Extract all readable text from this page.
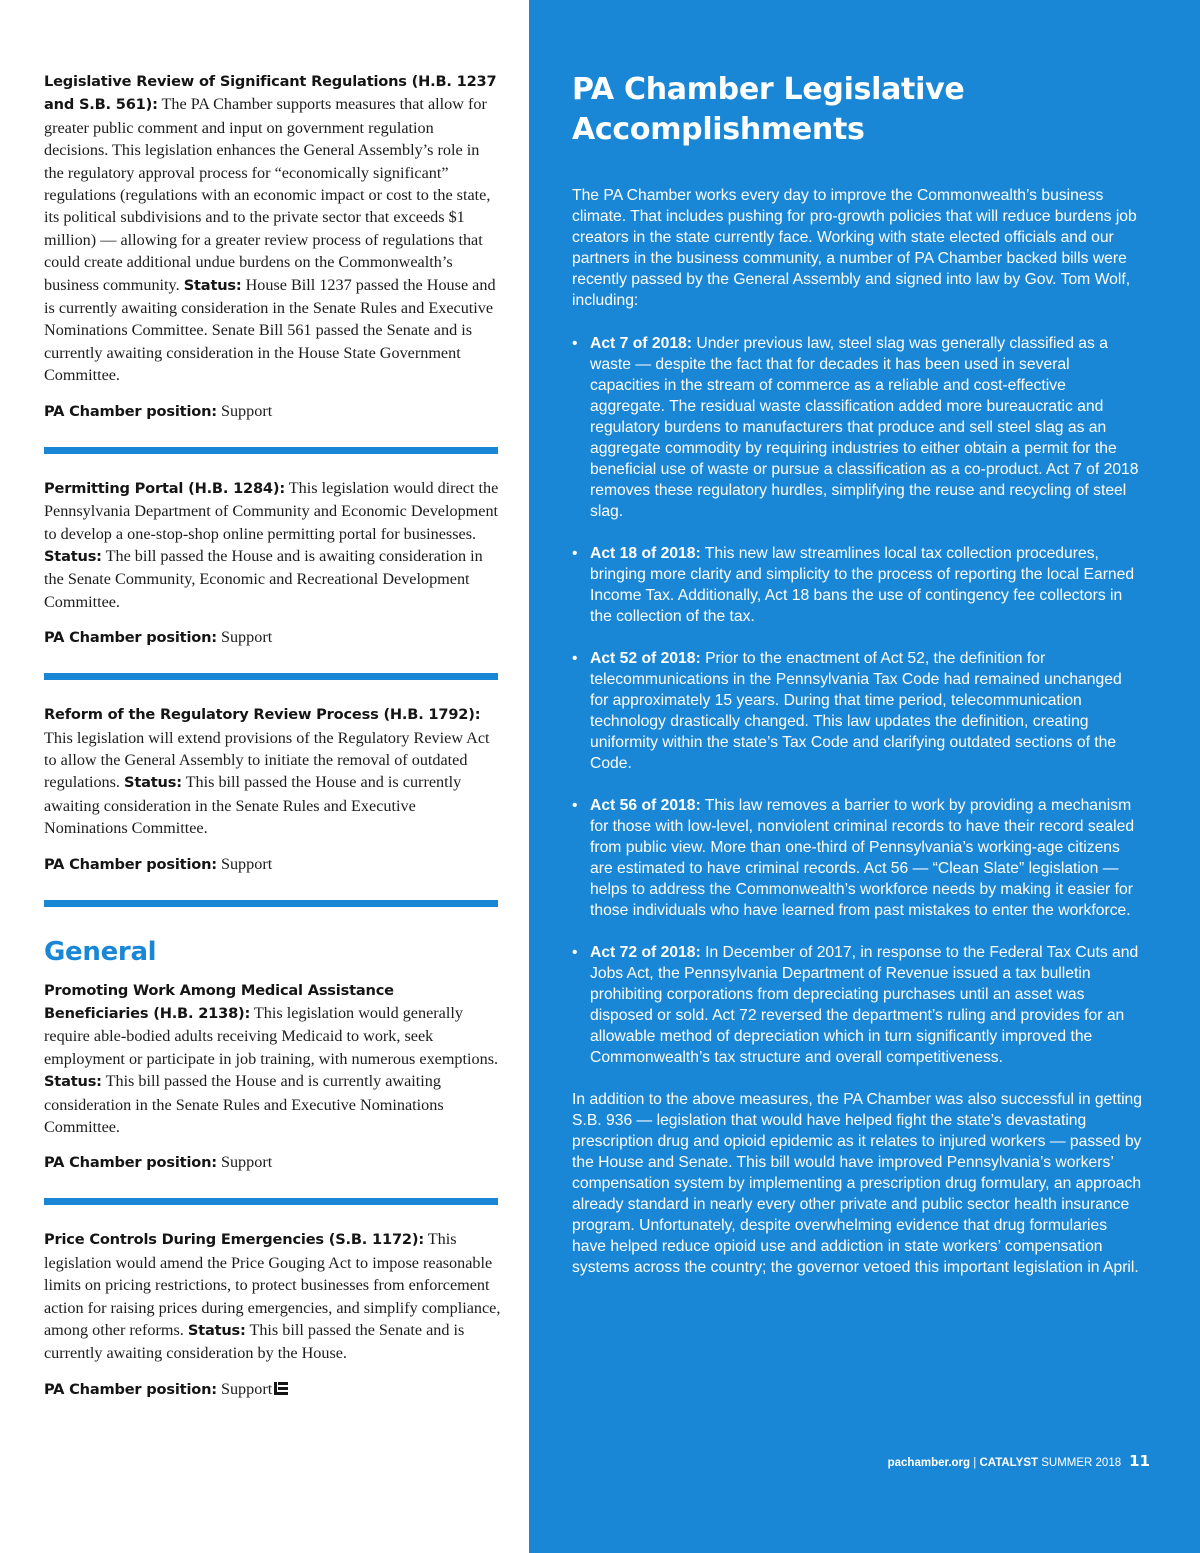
Legislative Review of Significant Regulations (H.B. 1237 and S.B. 561): The PA Chamber supports measures that allow for greater public comment and input on government regulation decisions. This legislation enhances the General Assembly’s role in the regulatory approval process for “economically significant” regulations (regulations with an economic impact or cost to the state, its political subdivisions and to the private sector that exceeds $1 million) — allowing for a greater review process of regulations that could create additional undue burdens on the Commonwealth’s business community. Status: House Bill 1237 passed the House and is currently awaiting consideration in the Senate Rules and Executive Nominations Committee. Senate Bill 561 passed the Senate and is currently awaiting consideration in the House State Government Committee.
PA Chamber position: Support
Permitting Portal (H.B. 1284): This legislation would direct the Pennsylvania Department of Community and Economic Development to develop a one-stop-shop online permitting portal for businesses. Status: The bill passed the House and is awaiting consideration in the Senate Community, Economic and Recreational Development Committee.
PA Chamber position: Support
Reform of the Regulatory Review Process (H.B. 1792): This legislation will extend provisions of the Regulatory Review Act to allow the General Assembly to initiate the removal of outdated regulations. Status: This bill passed the House and is currently awaiting consideration in the Senate Rules and Executive Nominations Committee.
PA Chamber position: Support
General
Promoting Work Among Medical Assistance Beneficiaries (H.B. 2138): This legislation would generally require able-bodied adults receiving Medicaid to work, seek employment or participate in job training, with numerous exemptions. Status: This bill passed the House and is currently awaiting consideration in the Senate Rules and Executive Nominations Committee.
PA Chamber position: Support
Price Controls During Emergencies (S.B. 1172): This legislation would amend the Price Gouging Act to impose reasonable limits on pricing restrictions, to protect businesses from enforcement action for raising prices during emergencies, and simplify compliance, among other reforms. Status: This bill passed the Senate and is currently awaiting consideration by the House.
PA Chamber position: Support
PA Chamber Legislative
Accomplishments

The PA Chamber works every day to improve the Commonwealth’s business climate. That includes pushing for pro-growth policies that will reduce burdens job creators in the state currently face. Working with state elected officials and our partners in the business community, a number of PA Chamber backed bills were recently passed by the General Assembly and signed into law by Gov. Tom Wolf, including:

• Act 7 of 2018: Under previous law, steel slag was generally classified as a waste — despite the fact that for decades it has been used in several capacities in the stream of commerce as a reliable and cost-effective aggregate. The residual waste classification added more bureaucratic and regulatory burdens to manufacturers that produce and sell steel slag as an aggregate commodity by requiring industries to either obtain a permit for the beneficial use of waste or pursue a classification as a co-product. Act 7 of 2018 removes these regulatory hurdles, simplifying the reuse and recycling of steel slag.
• Act 18 of 2018: This new law streamlines local tax collection procedures, bringing more clarity and simplicity to the process of reporting the local Earned Income Tax. Additionally, Act 18 bans the use of contingency fee collectors in the collection of the tax.
• Act 52 of 2018: Prior to the enactment of Act 52, the definition for telecommunications in the Pennsylvania Tax Code had remained unchanged for approximately 15 years. During that time period, telecommunication technology drastically changed. This law updates the definition, creating uniformity within the state’s Tax Code and clarifying outdated sections of the Code.
• Act 56 of 2018: This law removes a barrier to work by providing a mechanism for those with low-level, nonviolent criminal records to have their record sealed from public view. More than one-third of Pennsylvania’s working-age citizens are estimated to have criminal records. Act 56 — “Clean Slate” legislation — helps to address the Commonwealth’s workforce needs by making it easier for those individuals who have learned from past mistakes to enter the workforce.
• Act 72 of 2018: In December of 2017, in response to the Federal Tax Cuts and Jobs Act, the Pennsylvania Department of Revenue issued a tax bulletin prohibiting corporations from depreciating purchases until an asset was disposed or sold. Act 72 reversed the department’s ruling and provides for an allowable method of depreciation which in turn significantly improved the Commonwealth’s tax structure and overall competitiveness.

In addition to the above measures, the PA Chamber was also successful in getting S.B. 936 — legislation that would have helped fight the state’s devastating prescription drug and opioid epidemic as it relates to injured workers — passed by the House and Senate. This bill would have improved Pennsylvania’s workers’ compensation system by implementing a prescription drug formulary, an approach already standard in nearly every other private and public sector health insurance program. Unfortunately, despite overwhelming evidence that drug formularies have helped reduce opioid use and addiction in state workers’ compensation systems across the country; the governor vetoed this important legislation in April.

pachamber.org | CATALYST SUMMER 2018 11
